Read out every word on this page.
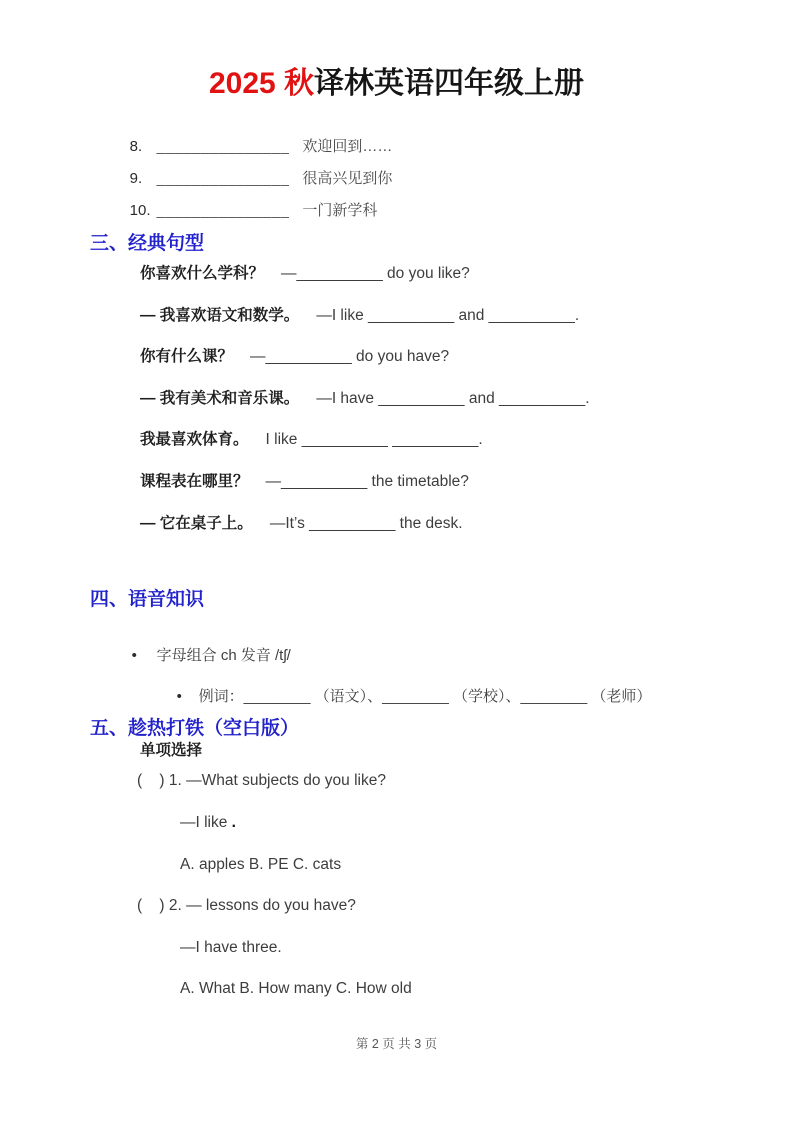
2025 秋译林英语四年级上册

8. _______________ 欢迎回到……

9. _______________ 很高兴见到你

10. _______________ 一门新学科

三、经典句型
你喜欢什么学科？ —__________ do you like?
— 我喜欢语文和数学。 —I like __________ and __________.
你有什么课？ —__________ do you have?
— 我有美术和音乐课。 —I have __________ and __________.
我最喜欢体育。 I like __________ __________.
课程表在哪里？ —__________ the timetable?
— 它在桌子上。 —It’s __________ the desk.
四、语音知识

• 字母组合 ch 发音 /tʃ/

• 例词：________ （语文）、________ （学校）、________ （老师）

五、趁热打铁（空白版）
单项选择
(    ) 1. —What subjects do you like?
—I like .
A. apples B. PE C. cats
(    ) 2. — lessons do you have?
—I have three.
A. What B. How many C. How old
第 2 页 共 3 页
